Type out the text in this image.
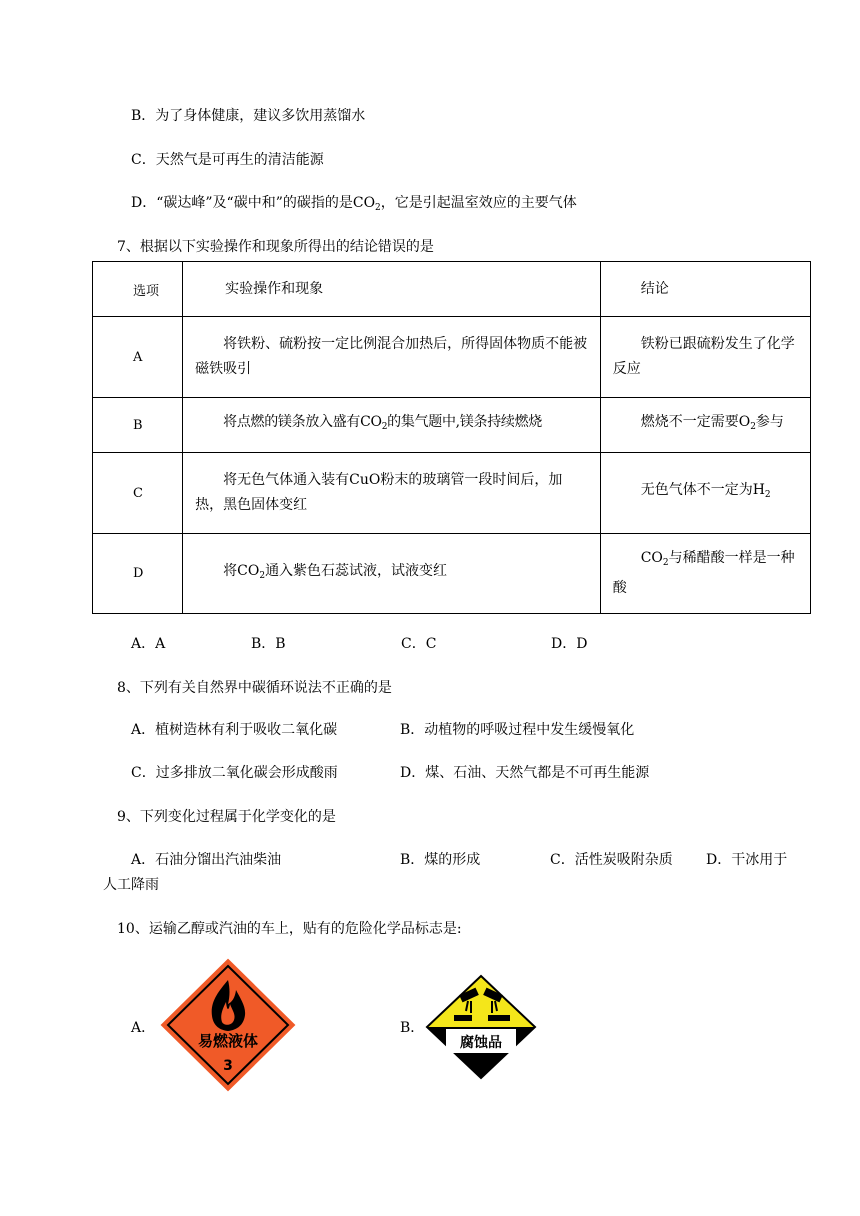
B．为了身体健康，建议多饮用蒸馏水
C．天然气是可再生的清洁能源
D．“碳达峰”及“碳中和”的碳指的是$CO_2$，它是引起温室效应的主要气体
7、根据以下实验操作和现象所得出的结论错误的是
选项	实验操作和现象	结论
A	将铁粉、硫粉按一定比例混合加热后，所得固体物质不能被磁铁吸引	铁粉已跟硫粉发生了化学反应
B	将点燃的镁条放入盛有$CO_2$的集气题中,镁条持续燃烧	燃烧不一定需要$O_2$参与
C	将无色气体通入装有CuO粉末的玻璃管一段时间后，加热，黑色固体变红	无色气体不一定为$H_2$
D	将$CO_2$通入紫色石蕊试液，试液变红	$CO_2$与稀醋酸一样是一种酸
A．A	B．B	C．C	D．D
8、下列有关自然界中碳循环说法不正确的是
A．植树造林有利于吸收二氧化碳	B．动植物的呼吸过程中发生缓慢氧化
C．过多排放二氧化碳会形成酸雨	D．煤、石油、天然气都是不可再生能源
9、下列变化过程属于化学变化的是
A．石油分馏出汽油柴油	B．煤的形成	C．活性炭吸附杂质 D．干冰用于
人工降雨
10、运输乙醇或汽油的车上，贴有的危险化学品标志是:
A．	B．
易燃液体
3
腐蚀品
